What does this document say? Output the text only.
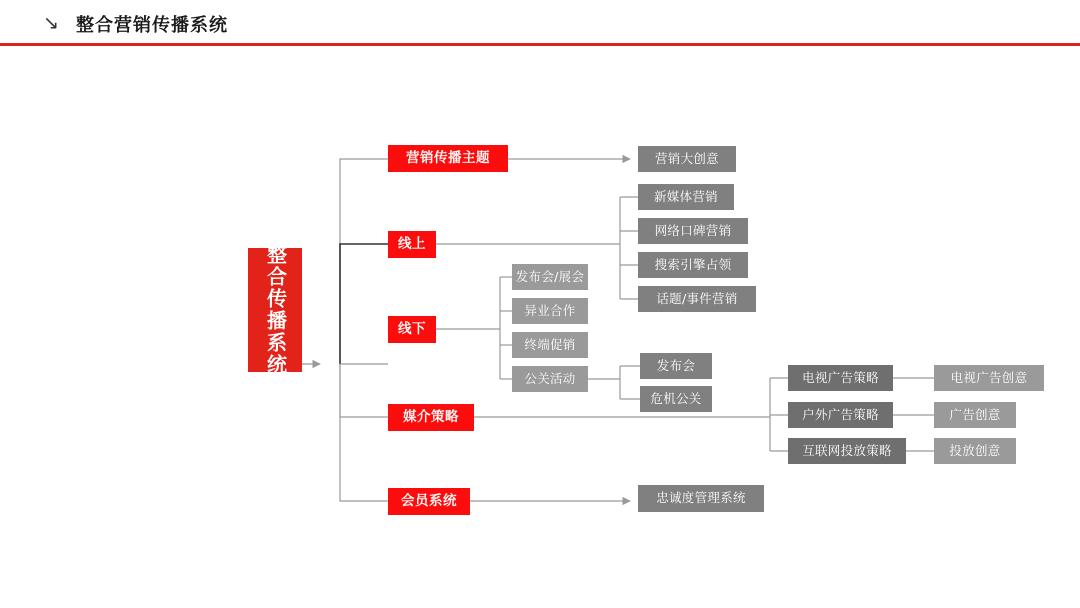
↘ 整合营销传播系统
整合传播系统
营销传播主题
线上
线下
媒介策略
会员系统
营销大创意
新媒体营销
网络口碑营销
搜索引擎占领
话题/事件营销
发布会/展会
异业合作
终端促销
公关活动
发布会
危机公关
电视广告策略
户外广告策略
互联网投放策略
电视广告创意
广告创意
投放创意
忠诚度管理系统
